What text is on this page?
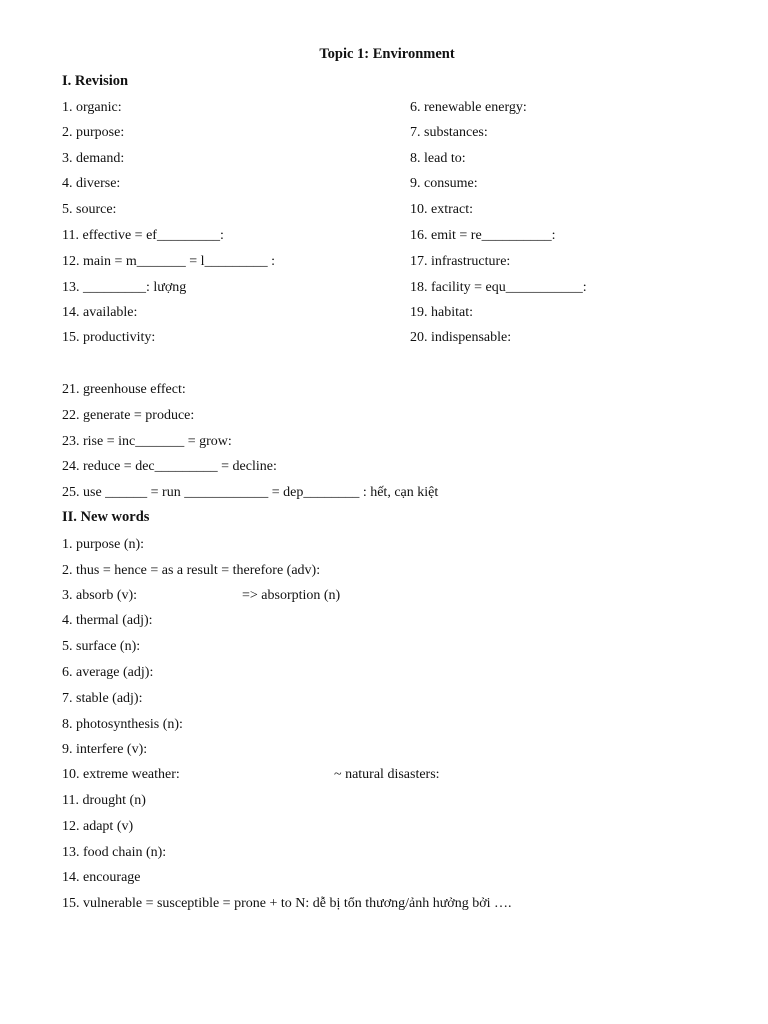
Topic 1: Environment
I. Revision
1. organic:
2. purpose:
3. demand:
4. diverse:
5. source:
11. effective = ef_________:
12. main = m_______ = l_________ :
13. _________: lượng
14. available:
15. productivity:
6. renewable energy:
7. substances:
8. lead to:
9. consume:
10. extract:
16. emit = re__________:
17. infrastructure:
18. facility = equ___________:
19. habitat:
20. indispensable:
21. greenhouse effect:
22. generate = produce:
23. rise = inc_______ = grow:
24. reduce = dec_________ = decline:
25. use ______ = run ____________ = dep________ : hết, cạn kiệt
II. New words
1. purpose (n):
2. thus = hence = as a result = therefore (adv):
3. absorb (v):	=> absorption (n)
4. thermal (adj):
5. surface (n):
6. average (adj):
7. stable (adj):
8. photosynthesis (n):
9. interfere (v):
10. extreme weather:	~ natural disasters:
11. drought (n)
12. adapt (v)
13. food chain (n):
14. encourage
15. vulnerable = susceptible = prone + to N: dễ bị tổn thương/ảnh hưởng bởi ….
